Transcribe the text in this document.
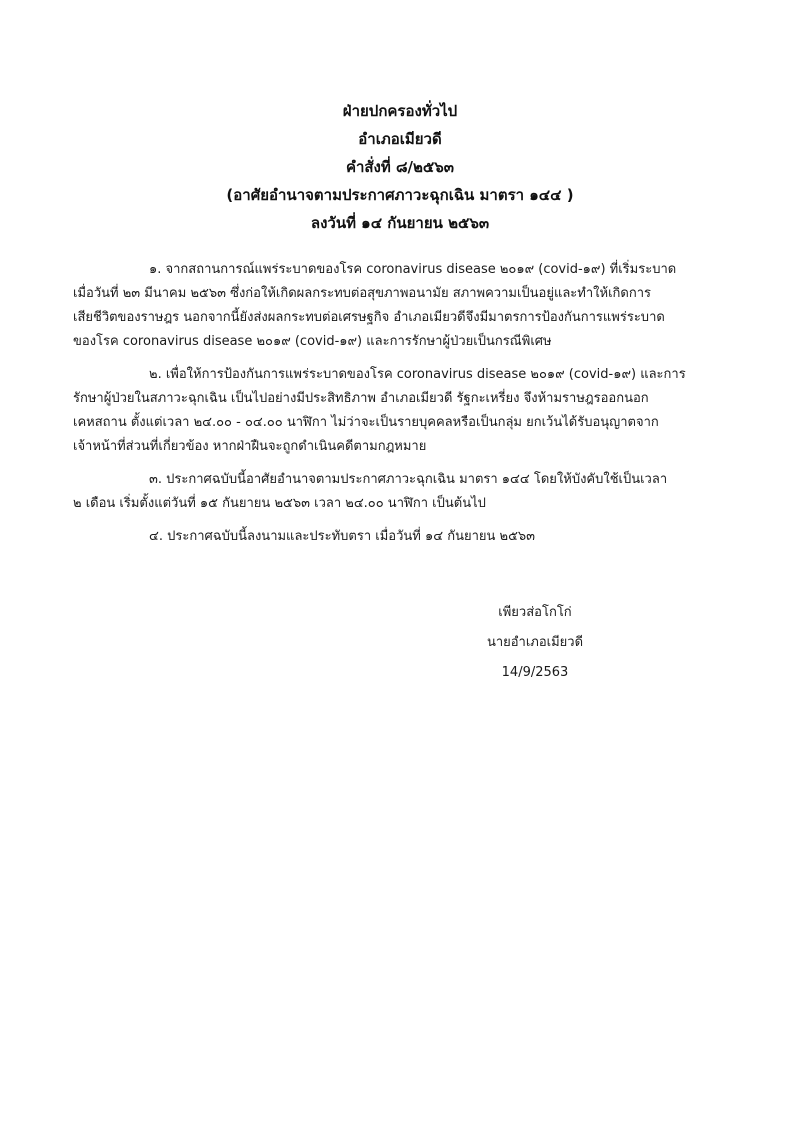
ฝ่ายปกครองทั่วไป
อำเภอเมียวดี
คำสั่งที่ ๘/๒๕๖๓
(อาศัยอำนาจตามประกาศภาวะฉุกเฉิน มาตรา ๑๔๔ )
ลงวันที่ ๑๔ กันยายน ๒๕๖๓
๑. จากสถานการณ์แพร่ระบาดของโรค coronavirus disease ๒๐๑๙ (covid-๑๙) ที่เริ่มระบาด
เมื่อวันที่ ๒๓ มีนาคม ๒๕๖๓ ซึ่งก่อให้เกิดผลกระทบต่อสุขภาพอนามัย สภาพความเป็นอยู่และทำให้เกิดการ
เสียชีวิตของราษฎร นอกจากนี้ยังส่งผลกระทบต่อเศรษฐกิจ อำเภอเมียวดีจึงมีมาตรการป้องกันการแพร่ระบาด
ของโรค coronavirus disease ๒๐๑๙ (covid-๑๙) และการรักษาผู้ป่วยเป็นกรณีพิเศษ
๒. เพื่อให้การป้องกันการแพร่ระบาดของโรค coronavirus disease ๒๐๑๙ (covid-๑๙) และการ
รักษาผู้ป่วยในสภาวะฉุกเฉิน เป็นไปอย่างมีประสิทธิภาพ อำเภอเมียวดี รัฐกะเหรี่ยง จึงห้ามราษฎรออกนอก
เคหสถาน ตั้งแต่เวลา ๒๔.๐๐ - ๐๔.๐๐ นาฬิกา ไม่ว่าจะเป็นรายบุคคลหรือเป็นกลุ่ม ยกเว้นได้รับอนุญาตจาก
เจ้าหน้าที่ส่วนที่เกี่ยวข้อง หากฝ่าฝืนจะถูกดำเนินคดีตามกฎหมาย
๓. ประกาศฉบับนี้อาศัยอำนาจตามประกาศภาวะฉุกเฉิน มาตรา ๑๔๔ โดยให้บังคับใช้เป็นเวลา
๒ เดือน เริ่มตั้งแต่วันที่ ๑๕ กันยายน ๒๕๖๓ เวลา ๒๔.๐๐ นาฬิกา เป็นต้นไป
๔. ประกาศฉบับนี้ลงนามและประทับตรา เมื่อวันที่ ๑๔ กันยายน ๒๕๖๓
เพียวส่อโกโก่
นายอำเภอเมียวดี
14/9/2563
